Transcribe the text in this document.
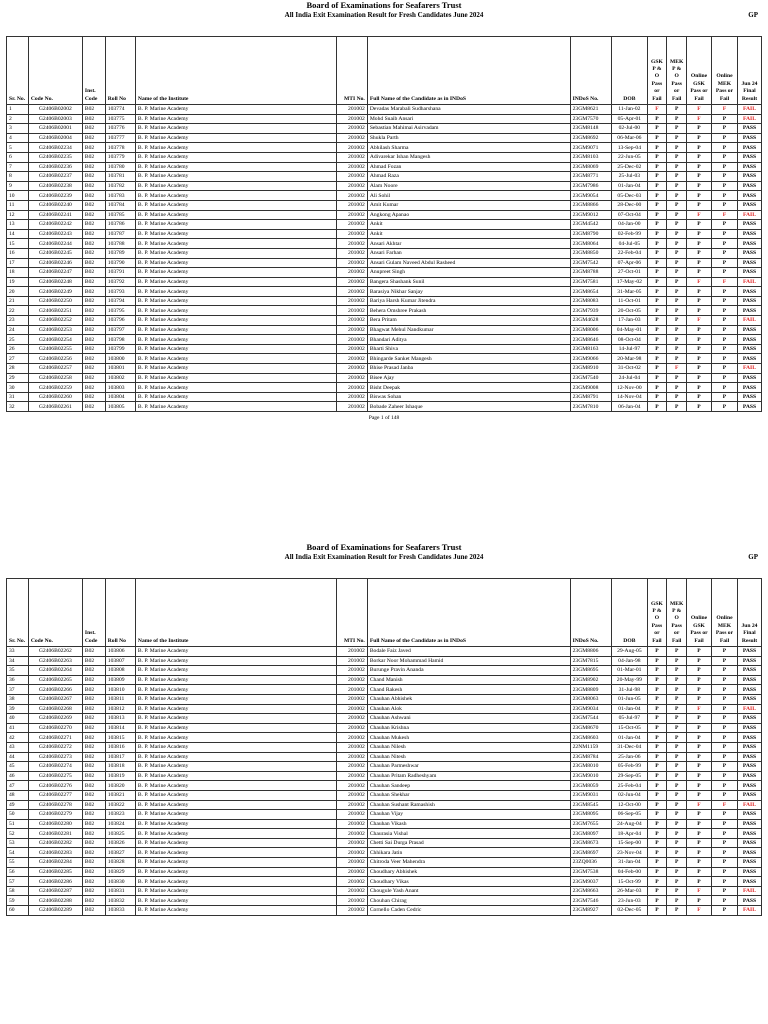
Board of Examinations for Seafarers Trust
All India Exit Examination Result for Fresh Candidates June 2024	GP
Sr. No.	Code No.	Inst. Code	Roll No	Name of the Institute	MTI No.	Full Name of the Candidate as in INDoS	INDoS No.	DOB	GSK P & O Pass or Fail	MEK P & O Pass or Fail	Online GSK Pass or Fail	Online MEK Pass or Fail	Jun 24 Final Result
1	G2406B02002	B02	103774	B. P. Marine Academy	201002	Devadas Marabali Sudharshana	23GM8621	11-Jan-02	F	P	F	F	FAIL
2	G2406B02003	B02	103775	B. P. Marine Academy	201002	Mohd Suaib Ansari	23GM7570	05-Apr-01	P	P	F	P	FAIL
3	G2406B02001	B02	103776	B. P. Marine Academy	201002	Sebastian Mahimai Asirvadam	23GM8148	02-Jul-00	P	P	P	P	PASS
4	G2406B02004	B02	103777	B. P. Marine Academy	201002	Shukla Parth	23GM8692	06-Mar-06	P	P	P	P	PASS
5	G2406B02234	B02	103778	B. P. Marine Academy	201002	Abhilash Sharma	23GM9071	13-Sep-04	P	P	P	P	PASS
6	G2406B02235	B02	103779	B. P. Marine Academy	201002	Adivarekar Ishan Mangesh	23GM8103	22-Jun-05	P	P	P	P	PASS
7	G2406B02236	B02	103780	B. P. Marine Academy	201002	Ahmad Fozan	23GM8069	25-Dec-02	P	P	P	P	PASS
8	G2406B02237	B02	103781	B. P. Marine Academy	201002	Ahmad Raza	23GM8771	25-Jul-03	P	P	P	P	PASS
9	G2406B02238	B02	103782	B. P. Marine Academy	201002	Alam Noore	23GM7986	01-Jan-04	P	P	P	P	PASS
10	G2406B02239	B02	103783	B. P. Marine Academy	201002	Ali Sohil	23GM9054	05-Dec-03	P	P	P	P	PASS
11	G2406B02240	B02	103784	B. P. Marine Academy	201002	Amit Kumar	23GM8866	28-Dec-00	P	P	P	P	PASS
12	G2406B02241	B02	103785	B. P. Marine Academy	201002	Angkong Apanao	23GM9012	07-Oct-04	P	P	F	F	FAIL
13	G2406B02242	B02	103786	B. P. Marine Academy	201002	Ankit	23GM4542	04-Jan-00	P	P	P	P	PASS
14	G2406B02243	B02	103787	B. P. Marine Academy	201002	Ankit	23GM8790	02-Feb-99	P	P	P	P	PASS
15	G2406B02244	B02	103788	B. P. Marine Academy	201002	Ansari Akhtar	23GM8064	04-Jul-05	P	P	P	P	PASS
16	G2406B02245	B02	103789	B. P. Marine Academy	201002	Ansari Farhan	23GM8850	22-Feb-04	P	P	P	P	PASS
17	G2406B02246	B02	103790	B. P. Marine Academy	201002	Ansari Gulam Naveed Abdul Rasheed	23GM7542	07-Apr-06	P	P	P	P	PASS
18	G2406B02247	B02	103791	B. P. Marine Academy	201002	Anupreet Singh	23GM8788	27-Oct-01	P	P	P	P	PASS
19	G2406B02248	B02	103792	B. P. Marine Academy	201002	Bangera Shashank Sunil	23GM7581	17-May-02	P	P	F	F	FAIL
20	G2406B02249	B02	103793	B. P. Marine Academy	201002	Barasiya Nikhar Sanjay	23GM8654	31-Mar-05	P	P	P	P	PASS
21	G2406B02250	B02	103794	B. P. Marine Academy	201002	Bariya Harsh Kumar Jitendra	23GM8083	11-Oct-01	P	P	P	P	PASS
22	G2406B02251	B02	103795	B. P. Marine Academy	201002	Behera Omshree Prakash	23GM7939	20-Oct-05	P	P	P	P	PASS
23	G2406B02252	B02	103796	B. P. Marine Academy	201002	Bera Pritam	23GM4628	17-Jan-03	P	P	F	P	FAIL
24	G2406B02253	B02	103797	B. P. Marine Academy	201002	Bhagwat Mehul Nandkumar	23GM8006	04-May-01	P	P	P	P	PASS
25	G2406B02254	B02	103798	B. P. Marine Academy	201002	Bhandari Aditya	23GM8646	08-Oct-04	P	P	P	P	PASS
26	G2406B02255	B02	103799	B. P. Marine Academy	201002	Bharti Shiva	23GM8163	14-Jul-97	P	P	P	P	PASS
27	G2406B02256	B02	103800	B. P. Marine Academy	201002	Bhingarde Sanket Mangesh	23GM9066	20-Mar-98	P	P	P	P	PASS
28	G2406B02257	B02	103801	B. P. Marine Academy	201002	Bhise Prasad Janba	23GM8910	31-Oct-02	P	F	P	P	FAIL
29	G2406B02258	B02	103802	B. P. Marine Academy	201002	Bisee Ajay	23GM7540	24-Jul-04	P	P	P	P	PASS
30	G2406B02259	B02	103803	B. P. Marine Academy	201002	Bisht Deepak	23GM9008	12-Nov-00	P	P	P	P	PASS
31	G2406B02260	B02	103804	B. P. Marine Academy	201002	Biswas Sohan	23GM8791	14-Nov-04	P	P	P	P	PASS
32	G2406B02261	B02	103805	B. P. Marine Academy	201002	Bobade Zaheer Ishaque	23GM7810	06-Jan-04	P	P	P	P	PASS
Page 1 of 148
Board of Examinations for Seafarers Trust
All India Exit Examination Result for Fresh Candidates June 2024	GP
Sr. No.	Code No.	Inst. Code	Roll No	Name of the Institute	MTI No.	Full Name of the Candidate as in INDoS	INDoS No.	DOB	GSK P & O Pass or Fail	MEK P & O Pass or Fail	Online GSK Pass or Fail	Online MEK Pass or Fail	Jun 24 Final Result
33	G2406B02262	B02	103806	B. P. Marine Academy	201002	Bodale Faiz Javed	23GM8806	29-Aug-05	P	P	P	P	PASS
34	G2406B02263	B02	103807	B. P. Marine Academy	201002	Borkar Noor Mohammad Hamid	23GM7815	04-Jan-98	P	P	P	P	PASS
35	G2406B02264	B02	103808	B. P. Marine Academy	201002	Burunge Pravin Ananda	23GM8695	01-Mar-01	P	P	P	P	PASS
36	G2406B02265	B02	103809	B. P. Marine Academy	201002	Chand Manish	23GM8902	20-May-99	P	P	P	P	PASS
37	G2406B02266	B02	103810	B. P. Marine Academy	201002	Chand Rakesh	23GM8809	31-Jul-98	P	P	P	P	PASS
38	G2406B02267	B02	103811	B. P. Marine Academy	201002	Chauhan Abhishek	23GM8063	01-Jun-05	P	P	P	P	PASS
39	G2406B02268	B02	103812	B. P. Marine Academy	201002	Chauhan Alok	23GM9034	01-Jan-04	P	P	F	P	FAIL
40	G2406B02269	B02	103813	B. P. Marine Academy	201002	Chauhan Ashwani	23GM7544	05-Jul-97	P	P	P	P	PASS
41	G2406B02270	B02	103814	B. P. Marine Academy	201002	Chauhan Krishna	23GM8670	15-Oct-05	P	P	P	P	PASS
42	G2406B02271	B02	103815	B. P. Marine Academy	201002	Chauhan Mukesh	23GM8603	01-Jan-04	P	P	P	P	PASS
43	G2406B02272	B02	103816	B. P. Marine Academy	201002	Chauhan Nilesh	22NM1159	31-Dec-04	P	P	P	P	PASS
44	G2406B02273	B02	103817	B. P. Marine Academy	201002	Chauhan Nitesh	23GM8784	25-Jan-06	P	P	P	P	PASS
45	G2406B02274	B02	103818	B. P. Marine Academy	201002	Chauhan Parmeshwar	23GM8010	05-Feb-99	P	P	P	P	PASS
46	G2406B02275	B02	103819	B. P. Marine Academy	201002	Chauhan Pritam Radheshyam	23GM9010	29-Sep-05	P	P	P	P	PASS
47	G2406B02276	B02	103820	B. P. Marine Academy	201002	Chauhan Sandeep	23GM8059	25-Feb-04	P	P	P	P	PASS
48	G2406B02277	B02	103821	B. P. Marine Academy	201002	Chauhan Shekhar	23GM9031	02-Jun-04	P	P	P	P	PASS
49	G2406B02278	B02	103822	B. P. Marine Academy	201002	Chauhan Sushant Ramashish	23GM8545	12-Oct-00	P	P	F	F	FAIL
50	G2406B02279	B02	103823	B. P. Marine Academy	201002	Chauhan Vijay	23GM8095	06-Sep-05	P	P	P	P	PASS
51	G2406B02280	B02	103824	B. P. Marine Academy	201002	Chauhan Vikash	23GM7655	24-Aug-04	P	P	P	P	PASS
52	G2406B02281	B02	103825	B. P. Marine Academy	201002	Chaurasia Vishal	23GM8097	18-Apr-04	P	P	P	P	PASS
53	G2406B02282	B02	103826	B. P. Marine Academy	201002	Chetti Sai Durga Prasad	23GM8673	15-Sep-00	P	P	P	P	PASS
54	G2406B02283	B02	103827	B. P. Marine Academy	201002	Chhikara Jatin	23GM8697	23-Nov-04	P	P	P	P	PASS
55	G2406B02284	B02	103828	B. P. Marine Academy	201002	Chitroda Veer Mahendra	23ZQ0036	31-Jan-04	P	P	P	P	PASS
56	G2406B02285	B02	103829	B. P. Marine Academy	201002	Choudhary Abhishek	23GM7538	04-Feb-00	P	P	P	P	PASS
57	G2406B02286	B02	103830	B. P. Marine Academy	201002	Choudhary Vikas	23GM9037	15-Oct-99	P	P	P	P	PASS
58	G2406B02287	B02	103831	B. P. Marine Academy	201002	Chougule Yash Anant	23GM8663	26-Mar-03	P	P	F	P	FAIL
59	G2406B02288	B02	103832	B. P. Marine Academy	201002	Chouhan Chirag	23GM7546	23-Jun-03	P	P	P	P	PASS
60	G2406B02289	B02	103833	B. P. Marine Academy	201002	Cornello Caden Cedric	23GM8927	02-Dec-05	P	P	F	P	FAIL
